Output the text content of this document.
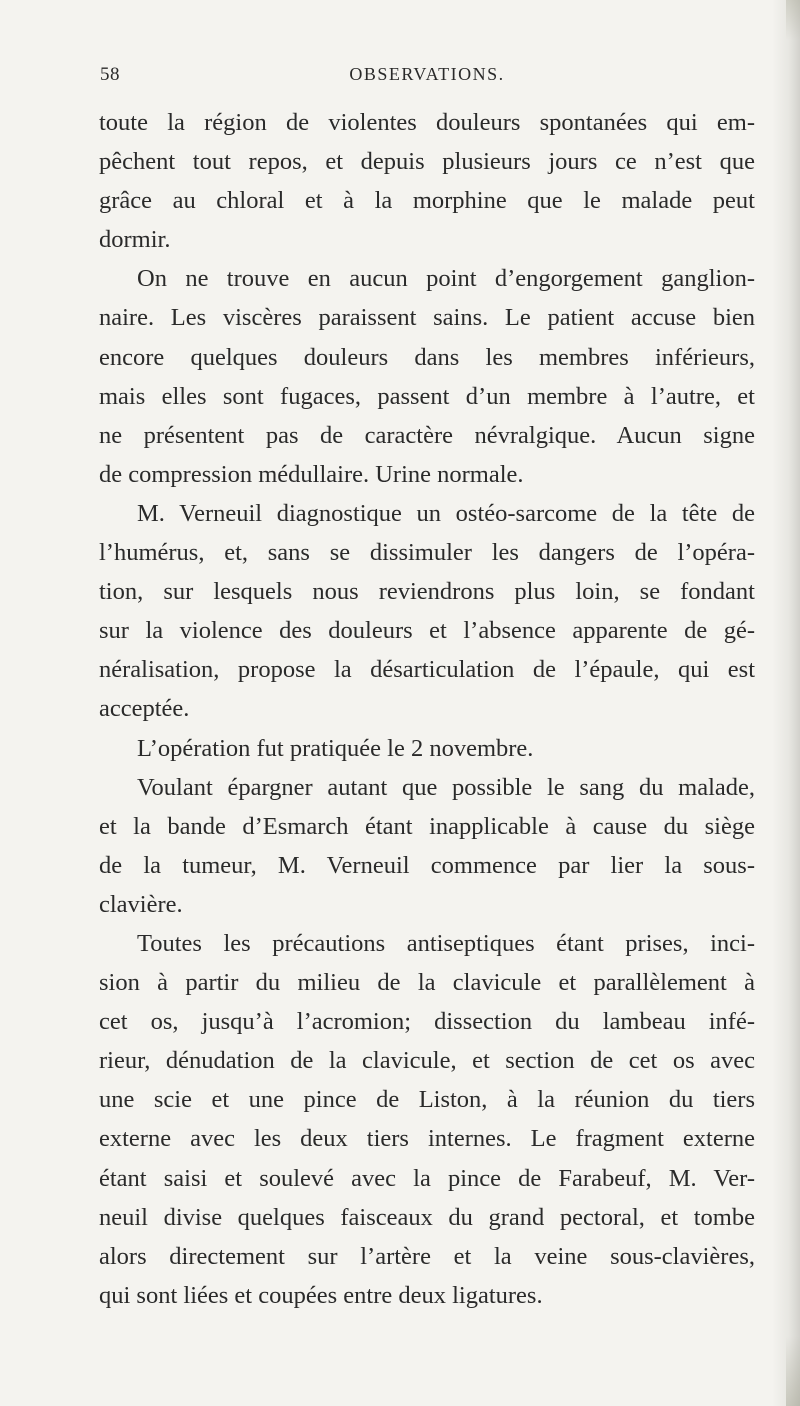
58	OBSERVATIONS.
toute la région de violentes douleurs spontanées qui em-
pêchent tout repos, et depuis plusieurs jours ce n’est que
grâce au chloral et à la morphine que le malade peut
dormir.
On ne trouve en aucun point d’engorgement ganglion-
naire. Les viscères paraissent sains. Le patient accuse bien
encore quelques douleurs dans les membres inférieurs,
mais elles sont fugaces, passent d’un membre à l’autre, et
ne présentent pas de caractère névralgique. Aucun signe
de compression médullaire. Urine normale.
M. Verneuil diagnostique un ostéo-sarcome de la tête de
l’humérus, et, sans se dissimuler les dangers de l’opéra-
tion, sur lesquels nous reviendrons plus loin, se fondant
sur la violence des douleurs et l’absence apparente de gé-
néralisation, propose la désarticulation de l’épaule, qui est
acceptée.
L’opération fut pratiquée le 2 novembre.
Voulant épargner autant que possible le sang du malade,
et la bande d’Esmarch étant inapplicable à cause du siège
de la tumeur, M. Verneuil commence par lier la sous-
clavière.
Toutes les précautions antiseptiques étant prises, inci-
sion à partir du milieu de la clavicule et parallèlement à
cet os, jusqu’à l’acromion; dissection du lambeau infé-
rieur, dénudation de la clavicule, et section de cet os avec
une scie et une pince de Liston, à la réunion du tiers
externe avec les deux tiers internes. Le fragment externe
étant saisi et soulevé avec la pince de Farabeuf, M. Ver-
neuil divise quelques faisceaux du grand pectoral, et tombe
alors directement sur l’artère et la veine sous-clavières,
qui sont liées et coupées entre deux ligatures.
